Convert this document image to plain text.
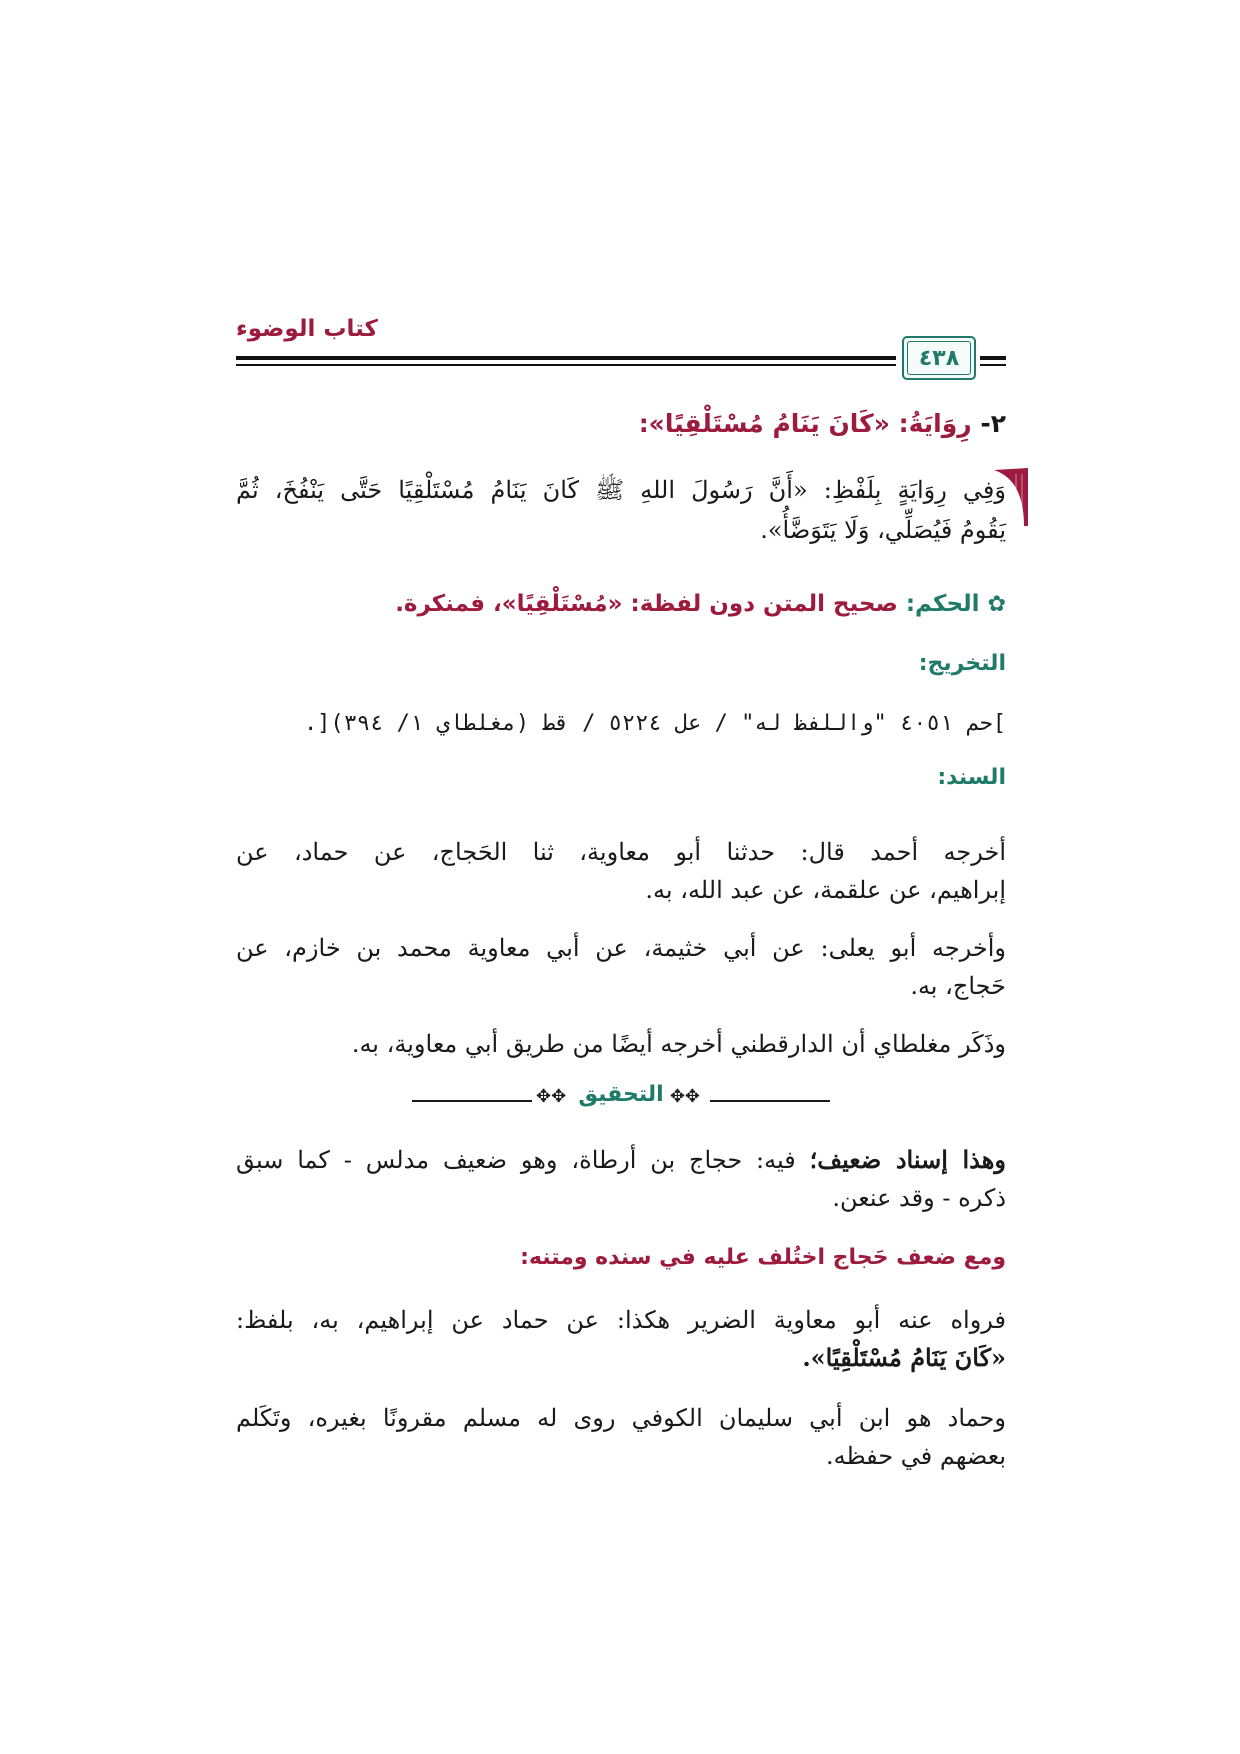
كتاب الوضوء
٤٣٨
٢- رِوَايَةُ: «كَانَ يَنَامُ مُسْتَلْقِيًا»:
وَفِي رِوَايَةٍ بِلَفْظِ: «أَنَّ رَسُولَ اللهِ ﷺ كَانَ يَنَامُ مُسْتَلْقِيًا حَتَّى يَنْفُخَ، ثُمَّ
يَقُومُ فَيُصَلِّي، وَلَا يَتَوَضَّأُ».
✿ الحكم: صحيح المتن دون لفظة: «مُسْتَلْقِيًا»، فمنكرة.
التخريج:
]حم ٤٠٥١ "واللفظ له" / عل ٥٢٢٤ / قط (مغلطاي ١/ ٣٩٤)[.
السند:
أخرجه أحمد قال: حدثنا أبو معاوية، ثنا الحَجاج، عن حماد، عن
إبراهيم، عن علقمة، عن عبد الله، به.
وأخرجه أبو يعلى: عن أبي خثيمة، عن أبي معاوية محمد بن خازم، عن
حَجاج، به.
وذَكَر مغلطاي أن الدارقطني أخرجه أيضًا من طريق أبي معاوية، به.
✥✥ التحقيق ✥✥
وهذا إسناد ضعيف؛ فيه: حجاج بن أرطاة، وهو ضعيف مدلس - كما سبق
ذكره - وقد عنعن.
ومع ضعف حَجاج اختُلف عليه في سنده ومتنه:
فرواه عنه أبو معاوية الضرير هكذا: عن حماد عن إبراهيم، به، بلفظ:
«كَانَ يَنَامُ مُسْتَلْقِيًا».
وحماد هو ابن أبي سليمان الكوفي روى له مسلم مقرونًا بغيره، وتَكَلم
بعضهم في حفظه.
